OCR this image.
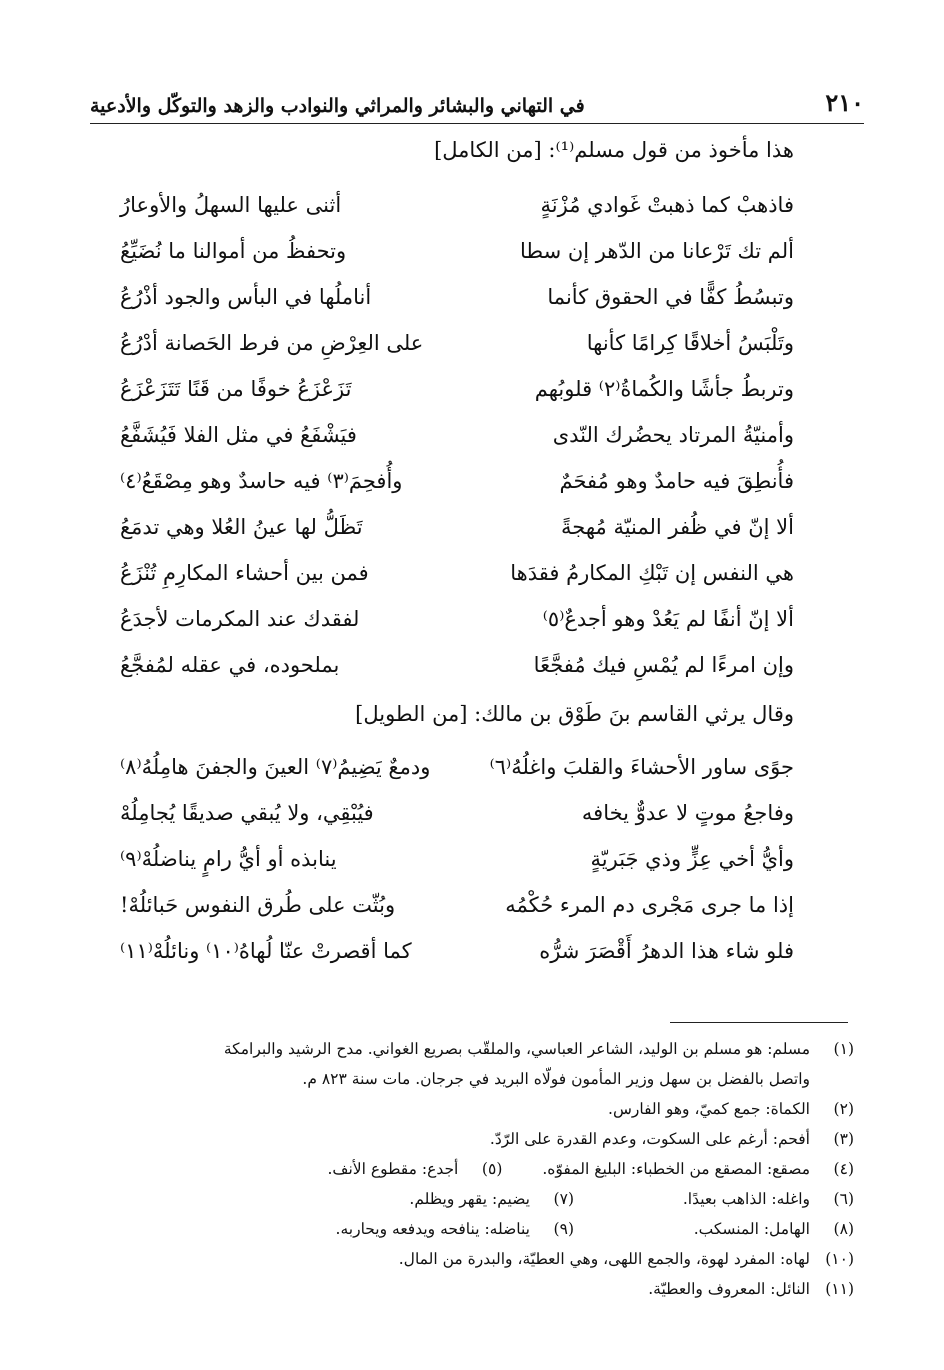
٢١٠
في التهاني والبشائر والمراثي والنوادب والزهد والتوكّل والأدعية
هذا مأخوذ من قول مسلم⁽¹⁾: [من الكامل]
فاذهبْ كما ذهبتْ غَوادي مُزْنَةٍ
أثنى عليها السهلُ والأوعارُ
ألم تك تَرْعانا من الدّهر إن سطا
وتحفظُ من أموالنا ما نُضَيِّعُ
وتبسُطُ كفًّا في الحقوق كأنما
أناملُها في البأس والجود أذْرُعُ
وتَلْبَسُ أخلاقًا كِرامًا كأنها
على العِرْضِ من فرط الحَصانة أدْرُعُ
وتربطُ جأشًا والكُماةُ⁽٢⁾ قلوبُهم
تَزَعْزَعُ خوفًا من قَنًا تَتَزَعْزَعُ
وأمنيّةُ المرتاد يحضُرك النّدى
فيَشْفَعُ في مثل الفلا فَيُشَفَّعُ
فأُنطِقَ فيه حامدٌ وهو مُفحَمٌ
وأُفحِمَ⁽٣⁾ فيه حاسدٌ وهو مِصْقَعُ⁽٤⁾
ألا إنّ في ظُفر المنيّة مُهجةً
تَظَلُّ لها عينُ العُلا وهي تدمَعُ
هي النفس إن تَبْكِ المكارمُ فقدَها
فمن بين أحشاء المكارِمِ تُنْزَعُ
ألا إنّ أنفًا لم يَعُدْ وهو أجدعٌ⁽٥⁾
لفقدك عند المكرمات لأجدَعُ
وإن امرءًا لم يُمْسِ فيك مُفجَّعًا
بملحوده، في عقله لمُفجَّعُ
وقال يرثي القاسم بنَ طَوْق بن مالك: [من الطويل]
جوًى ساور الأحشاءَ والقلبَ واغلُهُ⁽٦⁾
ودمعٌ يَضِيمُ⁽٧⁾ العينَ والجفنَ هامِلُهُ⁽٨⁾
وفاجعُ موتٍ لا عدوٌّ يخافه
فيُبْقِي، ولا يُبقي صديقًا يُجامِلُهْ
وأيُّ أخي عِزٍّ وذي جَبَريّةٍ
ينابذه أو أيُّ رامٍ يناضلُهْ⁽٩⁾
إذا ما جرى مَجْرى دم المرء حُكْمُه
وبُثّت على طُرق النفوس حَبائلُهْ!
فلو شاء هذا الدهرُ أَقْصَرَ شرُّه
كما أقصرتْ عنّا لُهاهُ⁽١٠⁾ ونائلُهْ⁽١١⁾
(١)
مسلم: هو مسلم بن الوليد، الشاعر العباسي، والملقّب بصريع الغواني. مدح الرشيد والبرامكة
واتصل بالفضل بن سهل وزير المأمون فولّاه البريد في جرجان. مات سنة ٨٢٣ م.
(٢)
الكماة: جمع كميّ، وهو الفارس.
(٣)
أفحم: أرغم على السكوت، وعدم القدرة على الرّدّ.
(٤)
مصقع: المصقع من الخطباء: البليغ المفوّه.
(٥)
أجدع: مقطوع الأنف.
(٦)
واغله: الذاهب بعيدًا.
(٧)
يضيم: يقهر ويظلم.
(٨)
الهامل: المنسكب.
(٩)
يناضله: ينافحه ويدفعه ويحاربه.
(١٠)
لهاه: المفرد لهوة، والجمع اللهى، وهي العطيّة، والبدرة من المال.
(١١)
النائل: المعروف والعطيّة.
